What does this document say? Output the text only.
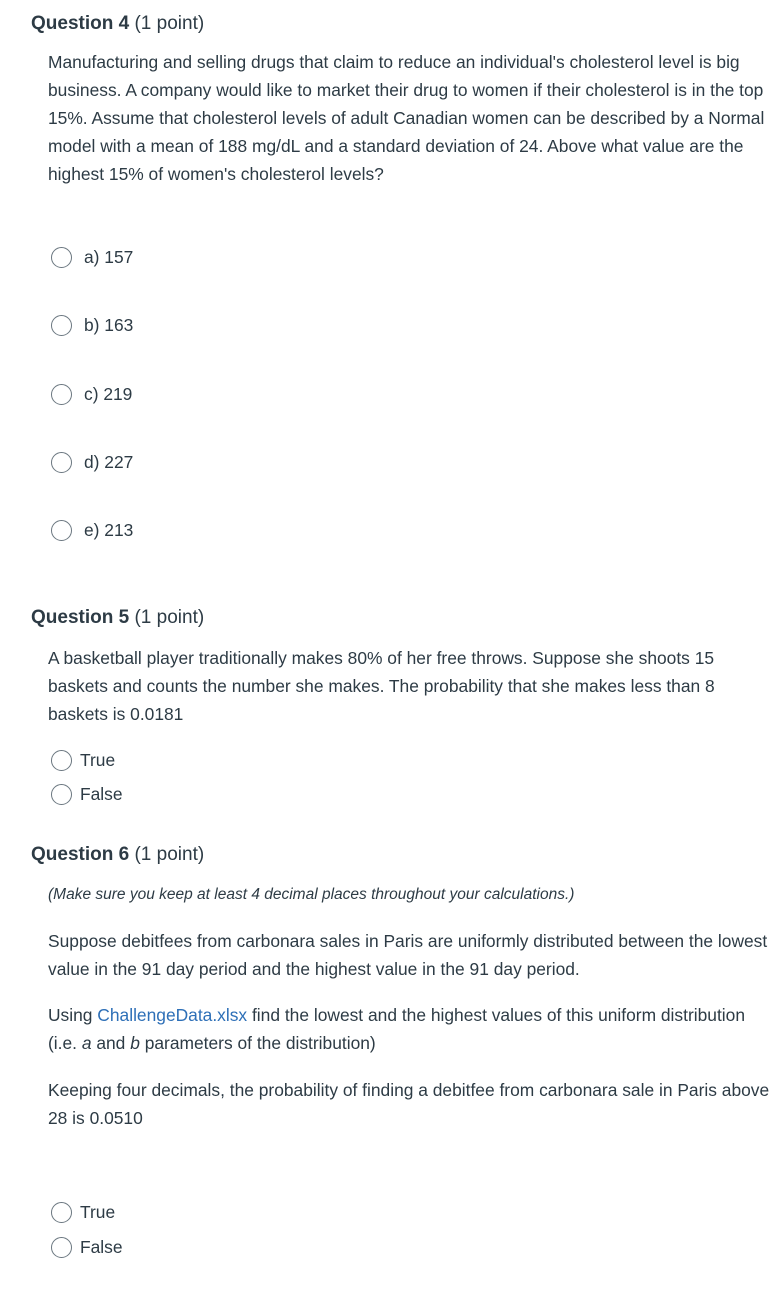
Question 4 (1 point)
Manufacturing and selling drugs that claim to reduce an individual's cholesterol level is big business. A company would like to market their drug to women if their cholesterol is in the top 15%. Assume that cholesterol levels of adult Canadian women can be described by a Normal model with a mean of 188 mg/dL and a standard deviation of 24. Above what value are the highest 15% of women's cholesterol levels?
a) 157
b) 163
c) 219
d) 227
e) 213
Question 5 (1 point)
A basketball player traditionally makes 80% of her free throws. Suppose she shoots 15 baskets and counts the number she makes. The probability that she makes less than 8 baskets is 0.0181
True
False
Question 6 (1 point)
(Make sure you keep at least 4 decimal places throughout your calculations.)
Suppose debitfees from carbonara sales in Paris are uniformly distributed between the lowest value in the 91 day period and the highest value in the 91 day period.
Using ChallengeData.xlsx find the lowest and the highest values of this uniform distribution (i.e. a and b parameters of the distribution)
Keeping four decimals, the probability of finding a debitfee from carbonara sale in Paris above 28 is 0.0510
True
False
